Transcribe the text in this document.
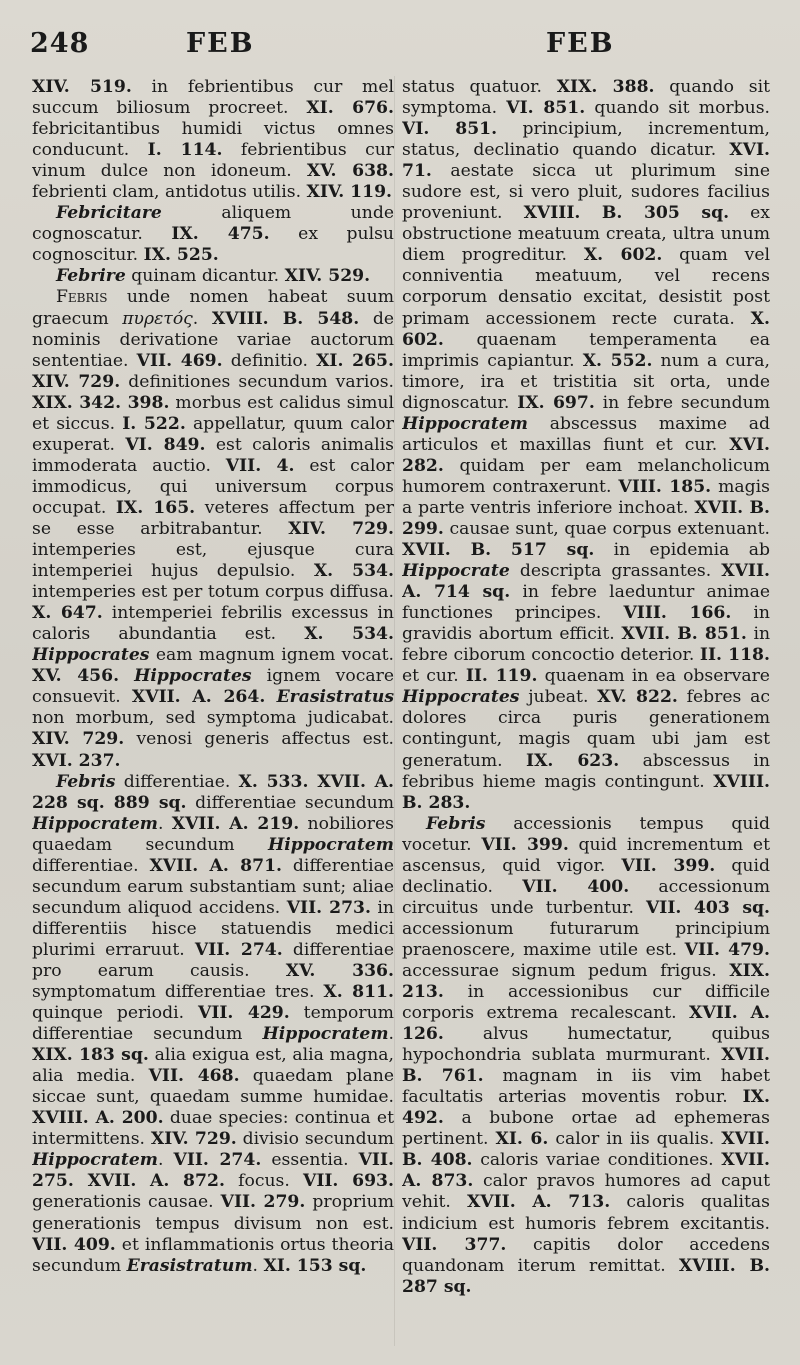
248	FEB	FEB

XIV. 519. in febrientibus cur mel succum biliosum procreet. XI. 676. febricitantibus humidi victus omnes conducunt. I. 114. febrientibus cur vinum dulce non idoneum. XV. 638. febrienti clam, antidotus utilis. XIV. 119.

Febricitare aliquem unde cognoscatur. IX. 475. ex pulsu cognoscitur. IX. 525.

Febrire quinam dicantur. XIV. 529.

Febris unde nomen habeat suum graecum πυρετός. XVIII. B. 548. de nominis derivatione variae auctorum sententiae. VII. 469. definitio. XI. 265. XIV. 729. definitiones secundum varios. XIX. 342. 398. morbus est calidus simul et siccus. I. 522. appellatur, quum calor exuperat. VI. 849. est caloris animalis immoderata auctio. VII. 4. est calor immodicus, qui universum corpus occupat. IX. 165. veteres affectum per se esse arbitrabantur. XIV. 729. intemperies est, ejusque cura intemperiei hujus depulsio. X. 534. intemperies est per totum corpus diffusa. X. 647. intemperiei febrilis excessus in caloris abundantia est. X. 534. Hippocrates eam magnum ignem vocat. XV. 456. Hippocrates ignem vocare consuevit. XVII. A. 264. Erasistratus non morbum, sed symptoma judicabat. XIV. 729. venosi generis affectus est. XVI. 237.

Febris differentiae. X. 533. XVII. A. 228 sq. 889 sq. differentiae secundum Hippocratem. XVII. A. 219. nobiliores quaedam secundum Hippocratem differentiae. XVII. A. 871. differentiae secundum earum substantiam sunt; aliae secundum aliquod accidens. VII. 273. in differentiis hisce statuendis medici plurimi erraruut. VII. 274. differentiae pro earum causis. XV. 336. symptomatum differentiae tres. X. 811. quinque periodi. VII. 429. temporum differentiae secundum Hippocratem. XIX. 183 sq. alia exigua est, alia magna, alia media. VII. 468. quaedam plane siccae sunt, quaedam summe humidae. XVIII. A. 200. duae species: continua et intermittens. XIV. 729. divisio secundum Hippocratem. VII. 274. essentia. VII. 275. XVII. A. 872. focus. VII. 693. generationis causae. VII. 279. proprium generationis tempus divisum non est. VII. 409. et inflammationis ortus theoria secundum Erasistratum. XI. 153 sq.

status quatuor. XIX. 388. quando sit symptoma. VI. 851. quando sit morbus. VI. 851. principium, incrementum, status, declinatio quando dicatur. XVI. 71. aestate sicca ut plurimum sine sudore est, si vero pluit, sudores facilius proveniunt. XVIII. B. 305 sq. ex obstructione meatuum creata, ultra unum diem progreditur. X. 602. quam vel conniventia meatuum, vel recens corporum densatio excitat, desistit post primam accessionem recte curata. X. 602. quaenam temperamenta ea imprimis capiantur. X. 552. num a cura, timore, ira et tristitia sit orta, unde dignoscatur. IX. 697. in febre secundum Hippocratem abscessus maxime ad articulos et maxillas fiunt et cur. XVI. 282. quidam per eam melancholicum humorem contraxerunt. VIII. 185. magis a parte ventris inferiore inchoat. XVII. B. 299. causae sunt, quae corpus extenuant. XVII. B. 517 sq. in epidemia ab Hippocrate descripta grassantes. XVII. A. 714 sq. in febre laeduntur animae functiones principes. VIII. 166. in gravidis abortum efficit. XVII. B. 851. in febre ciborum concoctio deterior. II. 118. et cur. II. 119. quaenam in ea observare Hippocrates jubeat. XV. 822. febres ac dolores circa puris generationem contingunt, magis quam ubi jam est generatum. IX. 623. abscessus in febribus hieme magis contingunt. XVIII. B. 283.

Febris accessionis tempus quid vocetur. VII. 399. quid incrementum et ascensus, quid vigor. VII. 399. quid declinatio. VII. 400. accessionum circuitus unde turbentur. VII. 403 sq. accessionum futurarum principium praenoscere, maxime utile est. VII. 479. accessurae signum pedum frigus. XIX. 213. in accessionibus cur difficile corporis extrema recalescant. XVII. A. 126. alvus humectatur, quibus hypochondria sublata murmurant. XVII. B. 761. magnam in iis vim habet facultatis arterias moventis robur. IX. 492. a bubone ortae ad ephemeras pertinent. XI. 6. calor in iis qualis. XVII. B. 408. caloris variae conditiones. XVII. A. 873. calor pravos humores ad caput vehit. XVII. A. 713. caloris qualitas indicium est humoris febrem excitantis. VII. 377. capitis dolor accedens quandonam iterum remittat. XVIII. B. 287 sq.
